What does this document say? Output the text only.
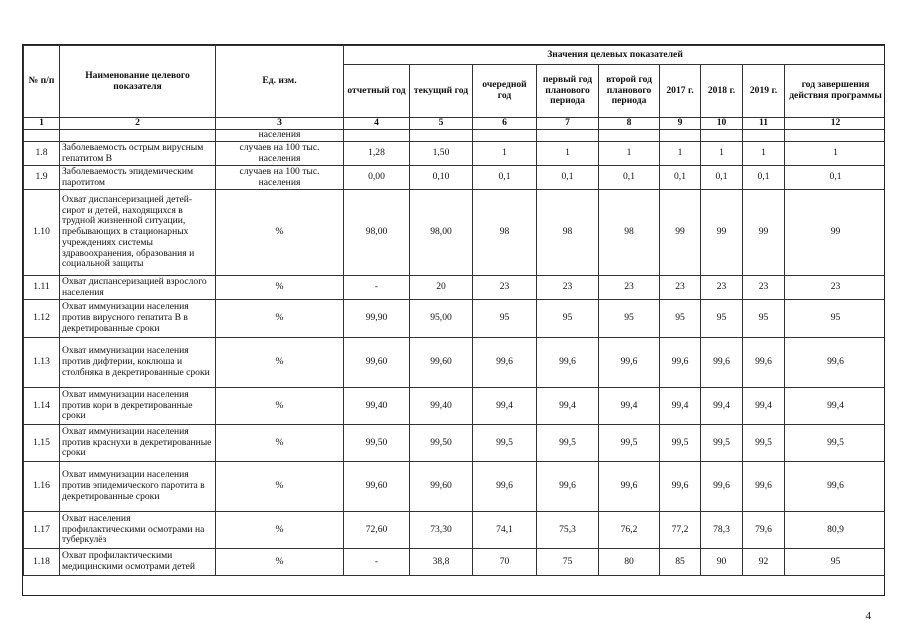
№ п/п	Наименование целевого показателя	Ед. изм.	Значения целевых показателей								
			отчетный год	текущий год	очередной год	первый год планового периода	второй год планового периода	2017 г.	2018 г.	2019 г.	год завершения действия программы
1	2	3	4	5	6	7	8	9	10	11	12
		населения									
1.8	Заболеваемость острым вирусным гепатитом В	случаев на 100 тыс. населения	1,28	1,50	1	1	1	1	1	1	1
1.9	Заболеваемость эпидемическим паротитом	случаев на 100 тыс. населения	0,00	0,10	0,1	0,1	0,1	0,1	0,1	0,1	0,1
1.10	Охват диспансеризацией детей-сирот и детей, находящихся в трудной жизненной ситуации, пребывающих в стационарных учреждениях системы здравоохранения, образования и социальной защиты	%	98,00	98,00	98	98	98	99	99	99	99
1.11	Охват диспансеризацией взрослого населения	%	-	20	23	23	23	23	23	23	23
1.12	Охват иммунизации населения против вирусного гепатита В в декретированные сроки	%	99,90	95,00	95	95	95	95	95	95	95
1.13	Охват иммунизации населения против дифтерии, коклюша и столбняка в декретированные сроки	%	99,60	99,60	99,6	99,6	99,6	99,6	99,6	99,6	99,6
1.14	Охват иммунизации населения против кори в декретированные сроки	%	99,40	99,40	99,4	99,4	99,4	99,4	99,4	99,4	99,4
1.15	Охват иммунизации населения против краснухи в декретированные сроки	%	99,50	99,50	99,5	99,5	99,5	99,5	99,5	99,5	99,5
1.16	Охват иммунизации населения против эпидемического паротита в декретированные сроки	%	99,60	99,60	99,6	99,6	99,6	99,6	99,6	99,6	99,6
1.17	Охват населения профилактическими осмотрами на туберкулёз	%	72,60	73,30	74,1	75,3	76,2	77,2	78,3	79,6	80,9
1.18	Охват профилактическими медицинскими осмотрами детей	%	-	38,8	70	75	80	85	90	92	95
4
